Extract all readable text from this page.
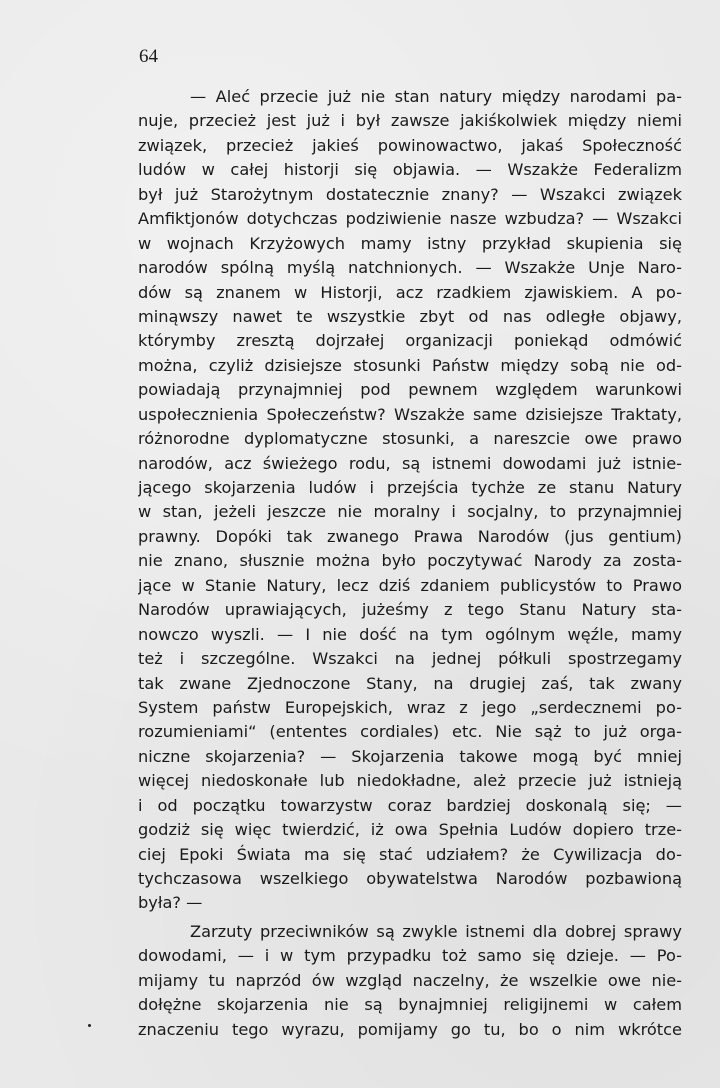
64
— Aleć przecie już nie stan natury między narodami pa-
nuje, przecież jest już i był zawsze jakiśkolwiek między niemi
związek, przecież jakieś powinowactwo, jakaś Społeczność
ludów w całej historji się objawia. — Wszakże Federalizm
był już Starożytnym dostatecznie znany? — Wszakci związek
Amfiktjonów dotychczas podziwienie nasze wzbudza? — Wszakci
w wojnach Krzyżowych mamy istny przykład skupienia się
narodów spólną myślą natchnionych. — Wszakże Unje Naro-
dów są znanem w Historji, acz rzadkiem zjawiskiem. A po-
minąwszy nawet te wszystkie zbyt od nas odległe objawy,
którymby zresztą dojrzałej organizacji poniekąd odmówić
można, czyliż dzisiejsze stosunki Państw między sobą nie od-
powiadają przynajmniej pod pewnem względem warunkowi
uspołecznienia Społeczeństw? Wszakże same dzisiejsze Traktaty,
różnorodne dyplomatyczne stosunki, a nareszcie owe prawo
narodów, acz świeżego rodu, są istnemi dowodami już istnie-
jącego skojarzenia ludów i przejścia tychże ze stanu Natury
w stan, jeżeli jeszcze nie moralny i socjalny, to przynajmniej
prawny. Dopóki tak zwanego Prawa Narodów (jus gentium)
nie znano, słusznie można było poczytywać Narody za zosta-
jące w Stanie Natury, lecz dziś zdaniem publicystów to Prawo
Narodów uprawiających, jużeśmy z tego Stanu Natury sta-
nowczo wyszli. — I nie dość na tym ogólnym węźle, mamy
też i szczególne. Wszakci na jednej półkuli spostrzegamy
tak zwane Zjednoczone Stany, na drugiej zaś, tak zwany
System państw Europejskich, wraz z jego „serdecznemi po-
rozumieniami“ (ententes cordiales) etc. Nie sąż to już orga-
niczne skojarzenia? — Skojarzenia takowe mogą być mniej
więcej niedoskonałe lub niedokładne, alеż przecie już istnieją
i od początku towarzystw coraz bardziej doskonalą się; —
godziż się więc twierdzić, iż owa Spełnia Ludów dopiero trze-
ciej Epoki Świata ma się stać udziałem? że Cywilizacja do-
tychczasowa wszelkiego obywatelstwa Narodów pozbawioną
była? —
Zarzuty przeciwników są zwykle istnemi dla dobrej sprawy
dowodami, — i w tym przypadku toż samo się dzieje. — Po-
mijamy tu naprzód ów wzgląd naczelny, że wszelkie owe nie-
dołężne skojarzenia nie są bynajmniej religijnemi w całem
znaczeniu tego wyrazu, pomijamy go tu, bo o nim wkrótce
